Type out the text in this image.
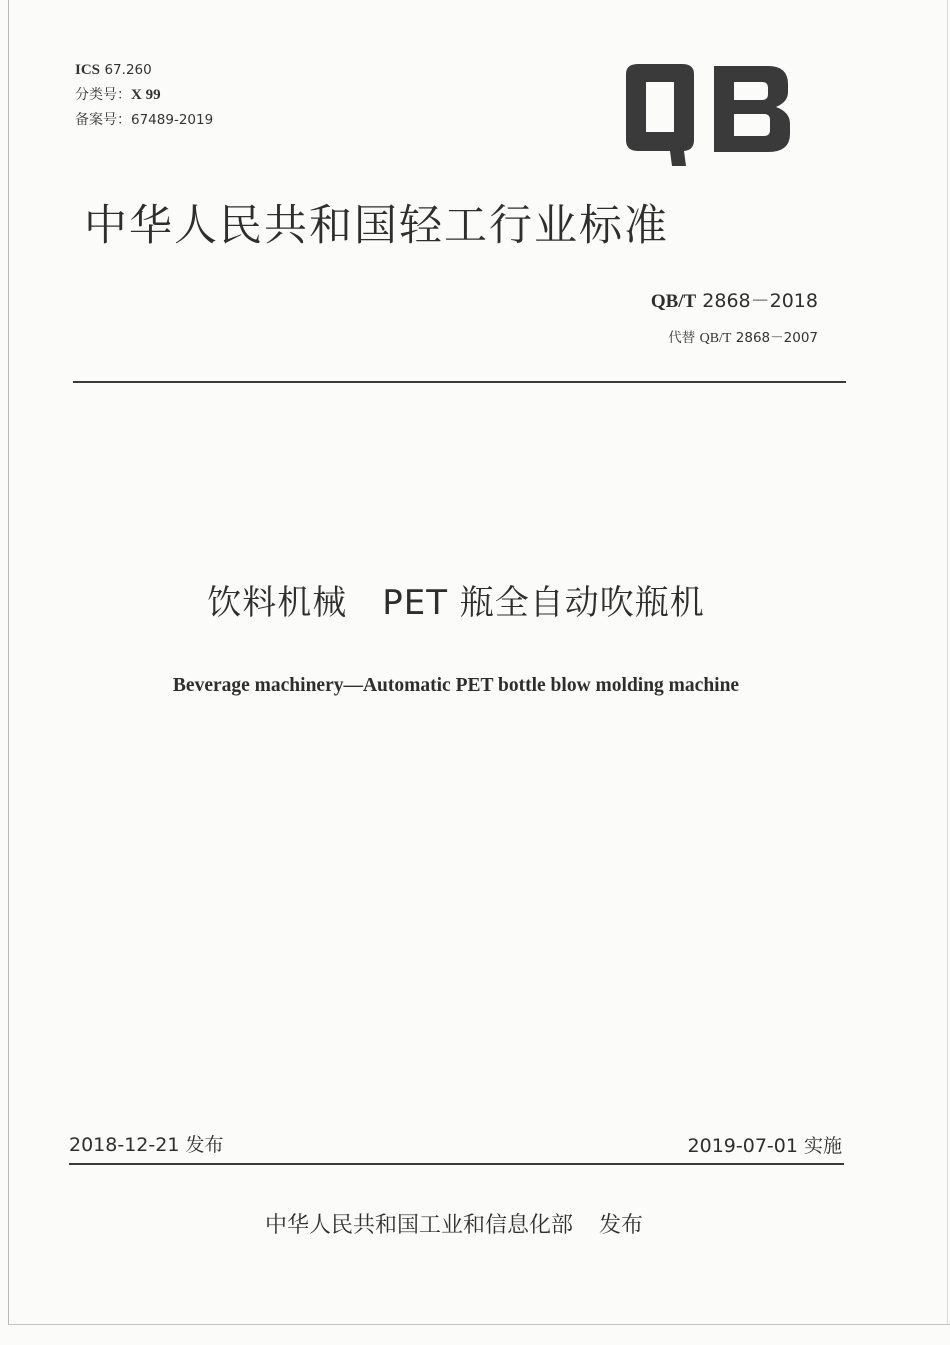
ICS 67.260
分类号：X 99
备案号：67489-2019
QB
中华人民共和国轻工行业标准
QB/T 2868－2018
代替 QB/T 2868－2007
饮料机械　PET 瓶全自动吹瓶机
Beverage machinery—Automatic PET bottle blow molding machine
2018-12-21 发布	2019-07-01 实施
中华人民共和国工业和信息化部 发布
